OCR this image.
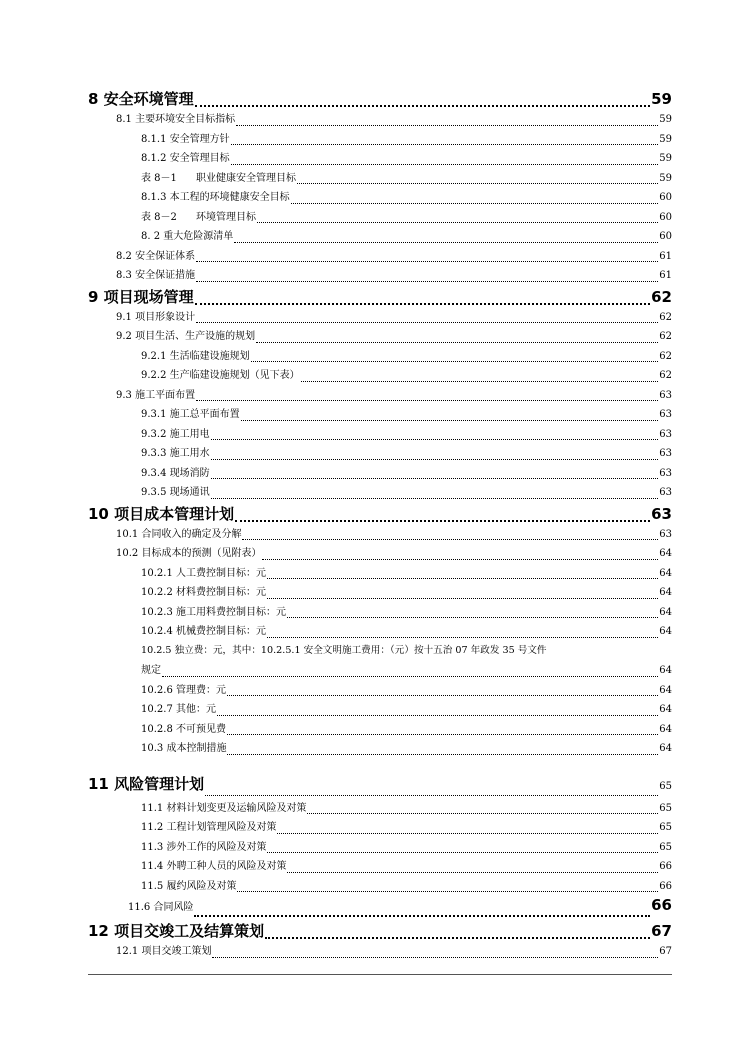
8 安全环境管理	59
8.1 主要环境安全目标指标	59
8.1.1 安全管理方针	59
8.1.2 安全管理目标	59
表 8－1      职业健康安全管理目标	59
8.1.3 本工程的环境健康安全目标	60
表 8－2      环境管理目标	60
8. 2 重大危险源清单	60
8.2 安全保证体系	61
8.3 安全保证措施	61
9 项目现场管理	62
9.1 项目形象设计	62
9.2 项目生活、生产设施的规划	62
9.2.1 生活临建设施规划	62
9.2.2 生产临建设施规划（见下表）	62
9.3 施工平面布置	63
9.3.1 施工总平面布置	63
9.3.2 施工用电	63
9.3.3 施工用水	63
9.3.4 现场消防	63
9.3.5 现场通讯	63
10 项目成本管理计划	63
10.1 合同收入的确定及分解	63
10.2 目标成本的预测（见附表）	64
10.2.1 人工费控制目标：元	64
10.2.2 材料费控制目标：元	64
10.2.3 施工用料费控制目标：元	64
10.2.4 机械费控制目标：元	64
10.2.5 独立费：元，其中：10.2.5.1 安全文明施工费用：（元）按十五治 07 年政发 35 号文件
规定	64
10.2.6 管理费：元	64
10.2.7 其他：元	64
10.2.8 不可预见费	64
10.3 成本控制措施	64
11 风险管理计划	65
11.1 材料计划变更及运输风险及对策	65
11.2 工程计划管理风险及对策	65
11.3 涉外工作的风险及对策	65
11.4 外聘工种人员的风险及对策	66
11.5 履约风险及对策	66
11.6 合同风险	66
12 项目交竣工及结算策划	67
12.1 项目交竣工策划	67
